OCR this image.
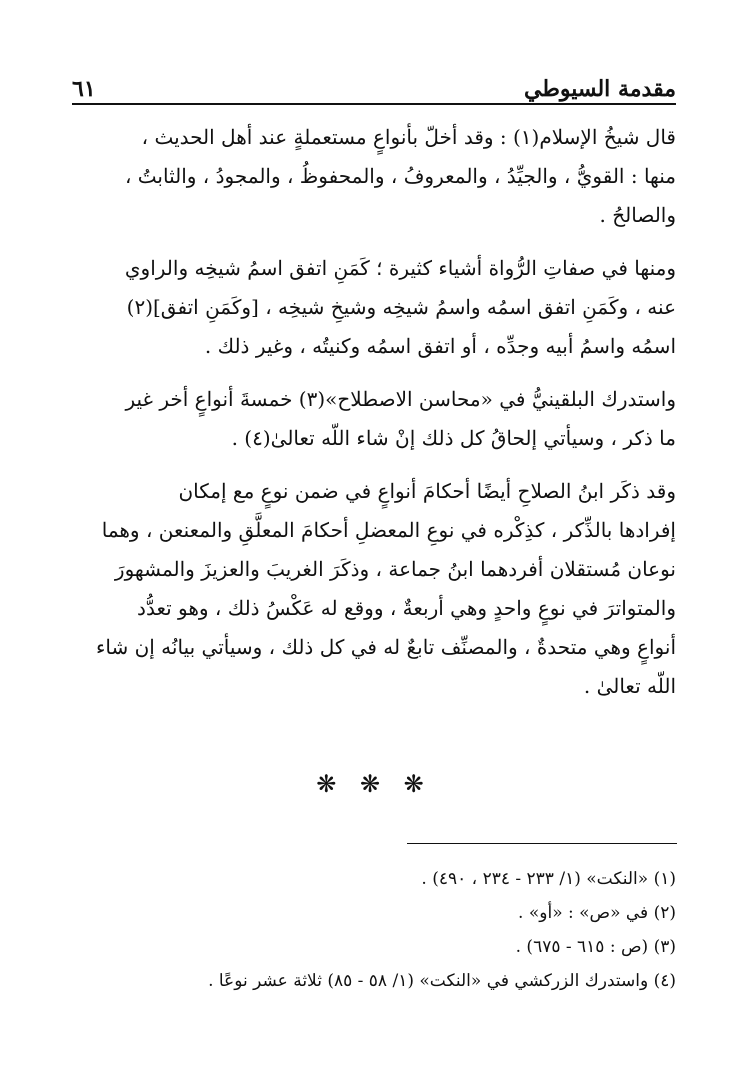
مقدمة السيوطي
٦١
قال شيخُ الإسلام(١) : وقد أخلّ بأنواعٍ مستعملةٍ عند أهل الحديث ،
منها : القويُّ ، والجيِّدُ ، والمعروفُ ، والمحفوظُ ، والمجودُ ، والثابتُ ،
والصالحُ .
ومنها في صفاتِ الرُّواة أشياء كثيرة ؛ كَمَنِ اتفق اسمُ شيخِه والراوي
عنه ، وكَمَنِ اتفق اسمُه واسمُ شيخِه وشيخِ شيخِه ، [وكَمَنِ اتفق](٢)
اسمُه واسمُ أبيه وجدِّه ، أو اتفق اسمُه وكنيتُه ، وغير ذلك .
واستدرك البلقينيُّ في «محاسن الاصطلاح»(٣) خمسةَ أنواعٍ أخر غير
ما ذكر ، وسيأتي إلحاقُ كل ذلك إنْ شاء اللّه تعالىٰ(٤) .
وقد ذكَر ابنُ الصلاحِ أيضًا أحكامَ أنواعٍ في ضمن نوعٍ مع إمكان
إفرادها بالذِّكر ، كذِكْره في نوعِ المعضلِ أحكامَ المعلَّقِ والمعنعن ، وهما
نوعان مُستقلان أفردهما ابنُ جماعة ، وذكَرَ الغريبَ والعزيزَ والمشهورَ
والمتواترَ في نوعٍ واحدٍ وهي أربعةٌ ، ووقع له عَكْسُ ذلك ، وهو تعدُّد
أنواعٍ وهي متحدةٌ ، والمصنِّف تابعٌ له في كل ذلك ، وسيأتي بيانُه إن شاء
اللّه تعالىٰ .
❋ ❋ ❋
(١) «النكت» (١/ ٢٣٣ - ٢٣٤ ، ٤٩٠) .
(٢) في «ص» : «أو» .
(٣) (ص : ٦١٥ - ٦٧٥) .
(٤) واستدرك الزركشي في «النكت» (١/ ٥٨ - ٨٥) ثلاثة عشر نوعًا .
